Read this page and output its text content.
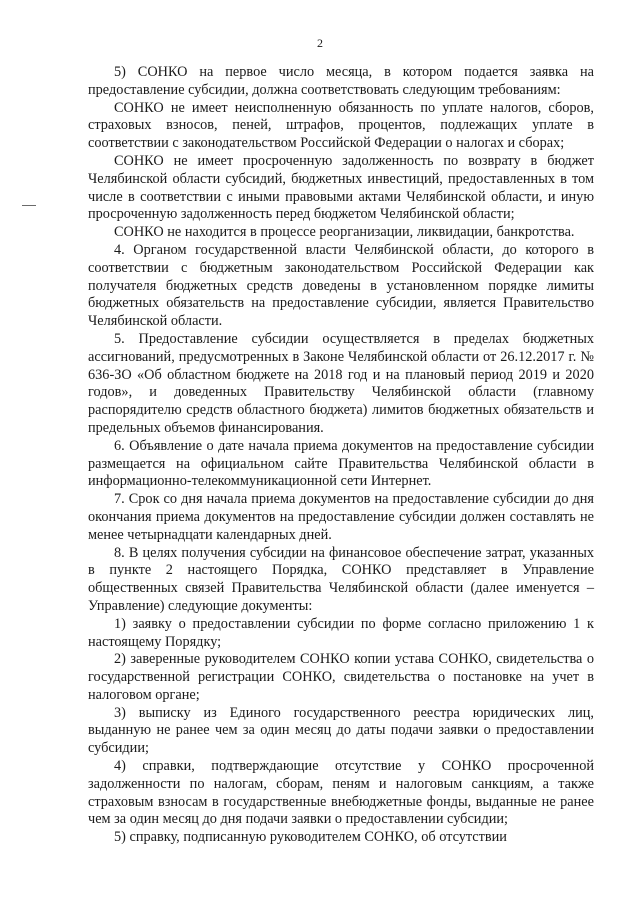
2

5) СОНКО на первое число месяца, в котором подается заявка на предоставление субсидии, должна соответствовать следующим требованиям:

СОНКО не имеет неисполненную обязанность по уплате налогов, сборов, страховых взносов, пеней, штрафов, процентов, подлежащих уплате в соответствии с законодательством Российской Федерации о налогах и сборах;

СОНКО не имеет просроченную задолженность по возврату в бюджет Челябинской области субсидий, бюджетных инвестиций, предоставленных в том числе в соответствии с иными правовыми актами Челябинской области, и иную просроченную задолженность перед бюджетом Челябинской области;

СОНКО не находится в процессе реорганизации, ликвидации, банкротства.

4. Органом государственной власти Челябинской области, до которого в соответствии с бюджетным законодательством Российской Федерации как получателя бюджетных средств доведены в установленном порядке лимиты бюджетных обязательств на предоставление субсидии, является Правительство Челябинской области.

5. Предоставление субсидии осуществляется в пределах бюджетных ассигнований, предусмотренных в Законе Челябинской области от 26.12.2017 г. № 636-ЗО «Об областном бюджете на 2018 год и на плановый период 2019 и 2020 годов», и доведенных Правительству Челябинской области (главному распорядителю средств областного бюджета) лимитов бюджетных обязательств и предельных объемов финансирования.

6. Объявление о дате начала приема документов на предоставление субсидии размещается на официальном сайте Правительства Челябинской области в информационно-телекоммуникационной сети Интернет.

7. Срок со дня начала приема документов на предоставление субсидии до дня окончания приема документов на предоставление субсидии должен составлять не менее четырнадцати календарных дней.

8. В целях получения субсидии на финансовое обеспечение затрат, указанных в пункте 2 настоящего Порядка, СОНКО представляет в Управление общественных связей Правительства Челябинской области (далее именуется – Управление) следующие документы:

1) заявку о предоставлении субсидии по форме согласно приложению 1 к настоящему Порядку;

2) заверенные руководителем СОНКО копии устава СОНКО, свидетельства о государственной регистрации СОНКО, свидетельства о постановке на учет в налоговом органе;

3) выписку из Единого государственного реестра юридических лиц, выданную не ранее чем за один месяц до даты подачи заявки о предоставлении субсидии;

4) справки, подтверждающие отсутствие у СОНКО просроченной задолженности по налогам, сборам, пеням и налоговым санкциям, а также страховым взносам в государственные внебюджетные фонды, выданные не ранее чем за один месяц до дня подачи заявки о предоставлении субсидии;

5) справку, подписанную руководителем СОНКО, об отсутствии
